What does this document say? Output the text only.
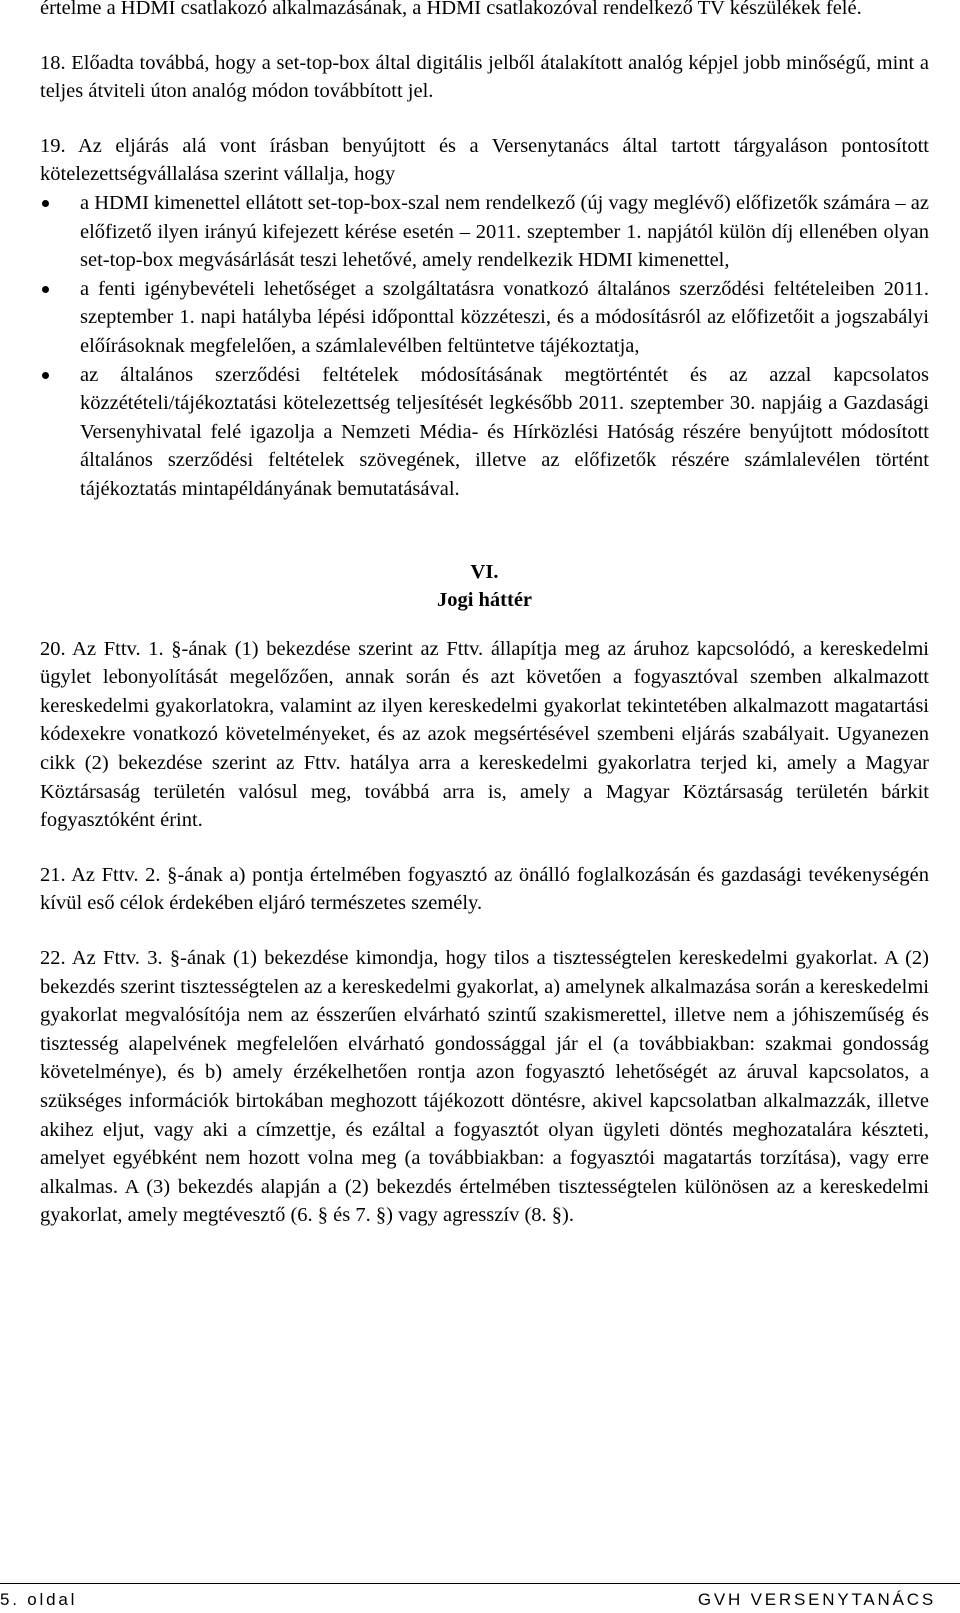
értelme a HDMI csatlakozó alkalmazásának, a HDMI csatlakozóval rendelkező TV készülékek felé.

18. Előadta továbbá, hogy a set-top-box által digitális jelből átalakított analóg képjel jobb minőségű, mint a teljes átviteli úton analóg módon továbbított jel.

19. Az eljárás alá vont írásban benyújtott és a Versenytanács által tartott tárgyaláson pontosított kötelezettségvállalása szerint vállalja, hogy

a HDMI kimenettel ellátott set-top-box-szal nem rendelkező (új vagy meglévő) előfizetők számára – az előfizető ilyen irányú kifejezett kérése esetén – 2011. szeptember 1. napjától külön díj ellenében olyan set-top-box megvásárlását teszi lehetővé, amely rendelkezik HDMI kimenettel,

a fenti igénybevételi lehetőséget a szolgáltatásra vonatkozó általános szerződési feltételeiben 2011. szeptember 1. napi hatályba lépési időponttal közzéteszi, és a módosításról az előfizetőit a jogszabályi előírásoknak megfelelően, a számlalevélben feltüntetve tájékoztatja,

az általános szerződési feltételek módosításának megtörténtét és az azzal kapcsolatos közzétételi/tájékoztatási kötelezettség teljesítését legkésőbb 2011. szeptember 30. napjáig a Gazdasági Versenyhivatal felé igazolja a Nemzeti Média- és Hírközlési Hatóság részére benyújtott módosított általános szerződési feltételek szövegének, illetve az előfizetők részére számlalevélen történt tájékoztatás mintapéldányának bemutatásával.

VI.
Jogi háttér

20. Az Fttv. 1. §-ának (1) bekezdése szerint az Fttv. állapítja meg az áruhoz kapcsolódó, a kereskedelmi ügylet lebonyolítását megelőzően, annak során és azt követően a fogyasztóval szemben alkalmazott kereskedelmi gyakorlatokra, valamint az ilyen kereskedelmi gyakorlat tekintetében alkalmazott magatartási kódexekre vonatkozó követelményeket, és az azok megsértésével szembeni eljárás szabályait. Ugyanezen cikk (2) bekezdése szerint az Fttv. hatálya arra a kereskedelmi gyakorlatra terjed ki, amely a Magyar Köztársaság területén valósul meg, továbbá arra is, amely a Magyar Köztársaság területén bárkit fogyasztóként érint.

21. Az Fttv. 2. §-ának a) pontja értelmében fogyasztó az önálló foglalkozásán és gazdasági tevékenységén kívül eső célok érdekében eljáró természetes személy.

22. Az Fttv. 3. §-ának (1) bekezdése kimondja, hogy tilos a tisztességtelen kereskedelmi gyakorlat. A (2) bekezdés szerint tisztességtelen az a kereskedelmi gyakorlat, a) amelynek alkalmazása során a kereskedelmi gyakorlat megvalósítója nem az ésszerűen elvárható szintű szakismerettel, illetve nem a jóhiszeműség és tisztesség alapelvének megfelelően elvárható gondossággal jár el (a továbbiakban: szakmai gondosság követelménye), és b) amely érzékelhetően rontja azon fogyasztó lehetőségét az áruval kapcsolatos, a szükséges információk birtokában meghozott tájékozott döntésre, akivel kapcsolatban alkalmazzák, illetve akihez eljut, vagy aki a címzettje, és ezáltal a fogyasztót olyan ügyleti döntés meghozatalára készteti, amelyet egyébként nem hozott volna meg (a továbbiakban: a fogyasztói magatartás torzítása), vagy erre alkalmas. A (3) bekezdés alapján a (2) bekezdés értelmében tisztességtelen különösen az a kereskedelmi gyakorlat, amely megtévesztő (6. § és 7. §) vagy agresszív (8. §).

5. oldal	GVH VERSENYTANÁCS
